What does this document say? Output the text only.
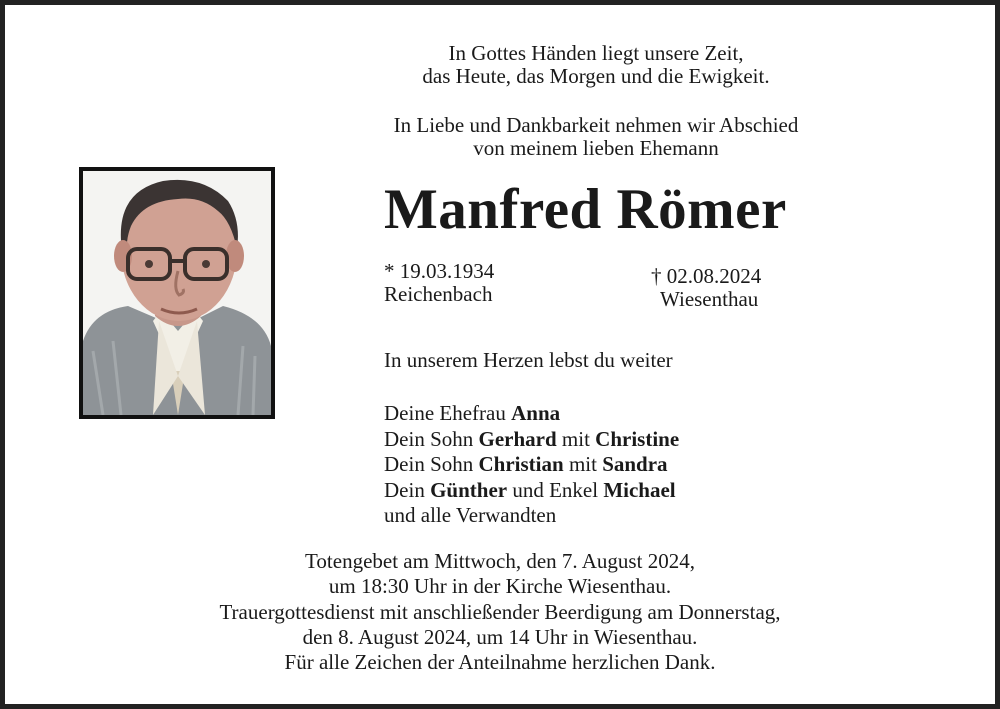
In Gottes Händen liegt unsere Zeit,
das Heute, das Morgen und die Ewigkeit.
In Liebe und Dankbarkeit nehmen wir Abschied
von meinem lieben Ehemann
Manfred Römer
* 19.03.1934
Reichenbach
† 02.08.2024
Wiesenthau
In unserem Herzen lebst du weiter
Deine Ehefrau Anna
Dein Sohn Gerhard mit Christine
Dein Sohn Christian mit Sandra
Dein Günther und Enkel Michael
und alle Verwandten
Totengebet am Mittwoch, den 7. August 2024,
um 18:30 Uhr in der Kirche Wiesenthau.
Trauergottesdienst mit anschließender Beerdigung am Donnerstag,
den 8. August 2024, um 14 Uhr in Wiesenthau.
Für alle Zeichen der Anteilnahme herzlichen Dank.
